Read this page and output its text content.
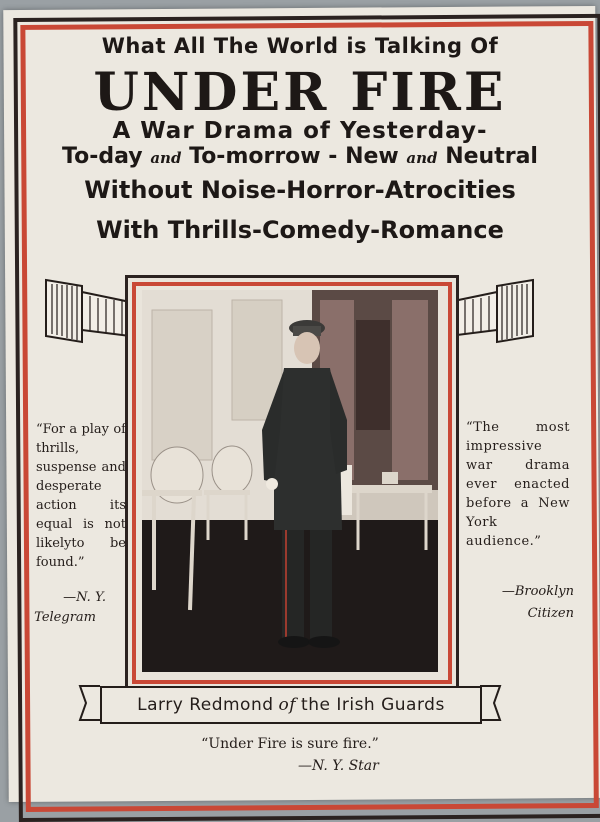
What All The World is Talking Of
UNDER FIRE
A War Drama of Yesterday-
To-day and To-morrow - New and Neutral
Without Noise-Horror-Atrocities
With Thrills-Comedy-Romance
“For a play of thrills, suspense and desperate action its equal is not likelyto be found.”
—N. Y.
Telegram
“The most impressive war drama ever enacted before a New York audience.”
—Brooklyn
Citizen
Larry Redmond of the Irish Guards
“Under Fire is sure fire.”
—N. Y. Star
